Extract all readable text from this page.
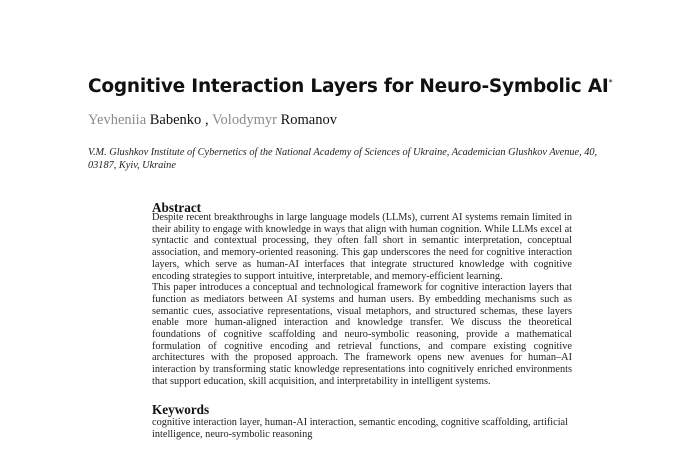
Cognitive Interaction Layers for Neuro-Symbolic AI*
Yevheniia Babenko , Volodymyr Romanov
V.M. Glushkov Institute of Cybernetics of the National Academy of Sciences of Ukraine, Academician Glushkov Avenue, 40, 03187, Kyiv, Ukraine
Abstract

Despite recent breakthroughs in large language models (LLMs), current AI systems remain limited in their ability to engage with knowledge in ways that align with human cognition. While LLMs excel at syntactic and contextual processing, they often fall short in semantic interpretation, conceptual association, and memory-oriented reasoning. This gap underscores the need for cognitive interaction layers, which serve as human-AI interfaces that integrate structured knowledge with cognitive encoding strategies to support intuitive, interpretable, and memory-efficient learning.

This paper introduces a conceptual and technological framework for cognitive interaction layers that function as mediators between AI systems and human users. By embedding mechanisms such as semantic cues, associative representations, visual metaphors, and structured schemas, these layers enable more human-aligned interaction and knowledge transfer. We discuss the theoretical foundations of cognitive scaffolding and neuro-symbolic reasoning, provide a mathematical formulation of cognitive encoding and retrieval functions, and compare existing cognitive architectures with the proposed approach. The framework opens new avenues for human–AI interaction by transforming static knowledge representations into cognitively enriched environments that support education, skill acquisition, and interpretability in intelligent systems.

Keywords
cognitive interaction layer, human-AI interaction, semantic encoding, cognitive scaffolding, artificial intelligence, neuro-symbolic reasoning
